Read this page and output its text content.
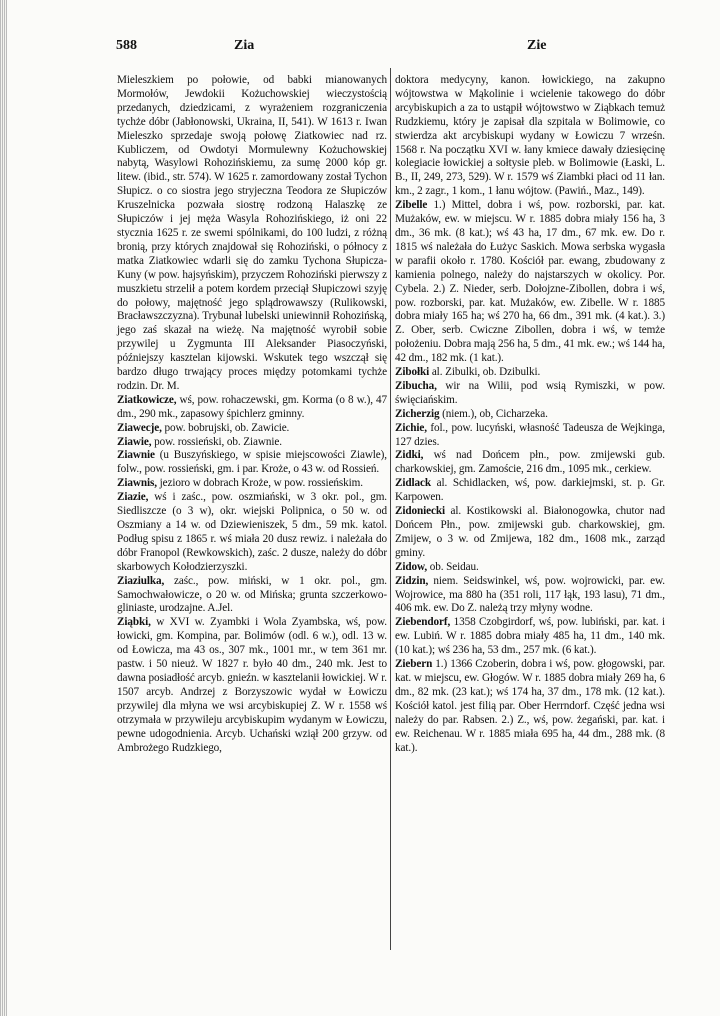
588	Zia	Zie
Mieleszkiem po połowie, od babki mianowanych Mormołów, Jewdokii Kożuchowskiej wieczystością przedanych, dziedzicami, z wyrażeniem rozgraniczenia tychże dóbr (Jabłonowski, Ukraina, II, 541). W 1613 r. Iwan Mieleszko sprzedaje swoją połowę Ziatkowiec nad rz. Kubliczem, od Owdotyi Mormulewny Kożuchowskiej nabytą, Wasylowi Rohozińskiemu, za sumę 2000 kóp gr. litew. (ibid., str. 574). W 1625 r. zamordowany został Tychon Słupicz. o co siostra jego stryjeczna Teodora ze Słupiczów Kruszelnicka pozwała siostrę rodzoną Halaszkę ze Słupiczów i jej męża Wasyla Rohozińskiego, iż oni 22 stycznia 1625 r. ze swemi spólnikami, do 100 ludzi, z różną bronią, przy których znajdował się Rohoziński, o północy z matka Ziatkowiec wdarli się do zamku Tychona Słupicza-Kuny (w pow. hajsyńskim), przyczem Rohoziński pierwszy z muszkietu strzelił a potem kordem przeciął Słupiczowi szyję do połowy, majętność jego splądrowawszy (Rulikowski, Bracławszczyzna). Trybunał lubelski uniewinnił Rohozińską, jego zaś skazał na wieżę. Na majętność wyrobił sobie przywilej u Zygmunta III Aleksander Piasoczyński, późniejszy kasztelan kijowski. Wskutek tego wszczął się bardzo długo trwający proces między potomkami tychże rodzin. Dr. M.
Ziatkowicze, wś, pow. rohaczewski, gm. Korma (o 8 w.), 47 dm., 290 mk., zapasowy śpichlerz gminny.
Ziawecje, pow. bobrujski, ob. Zawicie.
Ziawie, pow. rossieński, ob. Ziawnie.
Ziawnie (u Buszyńskiego, w spisie miejscowości Ziawle), folw., pow. rossieński, gm. i par. Kroże, o 43 w. od Rossień.
Ziawnis, jezioro w dobrach Kroże, w pow. rossieńskim.
Ziazie, wś i zaśc., pow. oszmiański, w 3 okr. pol., gm. Siedliszcze (o 3 w), okr. wiejski Polipnica, o 50 w. od Oszmiany a 14 w. od Dziewieniszek, 5 dm., 59 mk. katol. Podług spisu z 1865 r. wś miała 20 dusz rewiz. i należała do dóbr Franopol (Rewkowskich), zaśc. 2 dusze, należy do dóbr skarbowych Kołodzierzyszki.
Ziaziulka, zaśc., pow. miński, w 1 okr. pol., gm. Samochwałowicze, o 20 w. od Mińska; grunta szczerkowo-gliniaste, urodzajne. A.Jel.
Ziąbki, w XVI w. Zyambki i Wola Zyambska, wś, pow. łowicki, gm. Kompina, par. Bolimów (odl. 6 w.), odl. 13 w. od Łowicza, ma 43 os., 307 mk., 1001 mr., w tem 361 mr. pastw. i 50 nieuż. W 1827 r. było 40 dm., 240 mk. Jest to dawna posiadłość arcyb. gnieźn. w kasztelanii łowickiej. W r. 1507 arcyb. Andrzej z Borzyszowic wydał w Łowiczu przywilej dla młyna we wsi arcybiskupiej Z. W r. 1558 wś otrzymała w przywileju arcybiskupim wydanym w Łowiczu, pewne udogodnienia. Arcyb. Uchański wziął 200 grzyw. od Ambrożego Rudzkiego,
doktora medycyny, kanon. łowickiego, na zakupno wójtowstwa w Mąkolinie i wcielenie takowego do dóbr arcybiskupich a za to ustąpił wójtowstwo w Ziąbkach temuż Rudzkiemu, który je zapisał dla szpitala w Bolimowie, co stwierdza akt arcybiskupi wydany w Łowiczu 7 wrześn. 1568 r. Na początku XVI w. łany kmiece dawały dziesięcinę kolegiacie łowickiej a sołtysie pleb. w Bolimowie (Łaski, L. B., II, 249, 273, 529). W r. 1579 wś Ziambki płaci od 11 łan. km., 2 zagr., 1 kom., 1 łanu wójtow. (Pawiń., Maz., 149).
Zibelle 1.) Mittel, dobra i wś, pow. rozborski, par. kat. Mużaków, ew. w miejscu. W r. 1885 dobra miały 156 ha, 3 dm., 36 mk. (8 kat.); wś 43 ha, 17 dm., 67 mk. ew. Do r. 1815 wś należała do Łużyc Saskich. Mowa serbska wygasła w parafii około r. 1780. Kościół par. ewang, zbudowany z kamienia polnego, należy do najstarszych w okolicy. Por. Cybela. 2.) Z. Nieder, serb. Dołojzne-Zibollen, dobra i wś, pow. rozborski, par. kat. Mużaków, ew. Zibelle. W r. 1885 dobra miały 165 ha; wś 270 ha, 66 dm., 391 mk. (4 kat.). 3.) Z. Ober, serb. Cwiczne Zibollen, dobra i wś, w temże położeniu. Dobra mają 256 ha, 5 dm., 41 mk. ew.; wś 144 ha, 42 dm., 182 mk. (1 kat.).
Zibołki al. Zibulki, ob. Dzibulki.
Zibucha, wir na Wilii, pod wsią Rymiszki, w pow. święciańskim.
Zicherzig (niem.), ob, Cicharzeka.
Zichie, fol., pow. lucyński, własność Tadeusza de Wejkinga, 127 dzies.
Zidki, wś nad Dońcem płn., pow. zmijewski gub. charkowskiej, gm. Zamoście, 216 dm., 1095 mk., cerkiew.
Zidlack al. Schidlacken, wś, pow. darkiejmski, st. p. Gr. Karpowen.
Zidoniecki al. Kostikowski al. Białonogowka, chutor nad Dońcem Płn., pow. zmijewski gub. charkowskiej, gm. Zmijew, o 3 w. od Zmijewa, 182 dm., 1608 mk., zarząd gminy.
Zidow, ob. Seidau.
Zidzin, niem. Seidswinkel, wś, pow. wojrowicki, par. ew. Wojrowice, ma 880 ha (351 roli, 117 łąk, 193 lasu), 71 dm., 406 mk. ew. Do Z. należą trzy młyny wodne.
Ziebendorf, 1358 Czobgirdorf, wś, pow. lubiński, par. kat. i ew. Lubiń. W r. 1885 dobra miały 485 ha, 11 dm., 140 mk. (10 kat.); wś 236 ha, 53 dm., 257 mk. (6 kat.).
Ziebern 1.) 1366 Czoberin, dobra i wś, pow. głogowski, par. kat. w miejscu, ew. Głogów. W r. 1885 dobra miały 269 ha, 6 dm., 82 mk. (23 kat.); wś 174 ha, 37 dm., 178 mk. (12 kat.). Kościół katol. jest filią par. Ober Herrndorf. Część jedna wsi należy do par. Rabsen. 2.) Z., wś, pow. żegański, par. kat. i ew. Reichenau. W r. 1885 miała 695 ha, 44 dm., 288 mk. (8 kat.).
